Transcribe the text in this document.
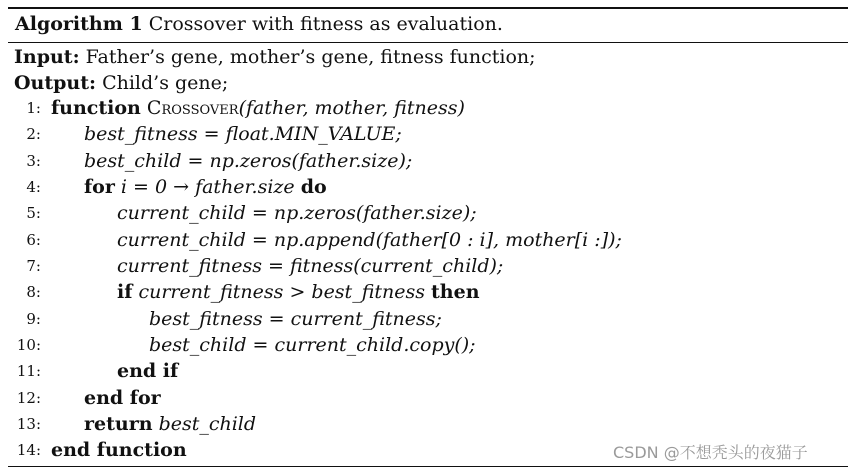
Algorithm 1 Crossover with fitness as evaluation.
Input: Father’s gene, mother’s gene, fitness function;
Output: Child’s gene;
1: function Crossover(father, mother, fitness)
2: best_fitness = float.MIN_VALUE;
3: best_child = np.zeros(father.size);
4: for i = 0 → father.size do
5:	current_child = np.zeros(father.size);
6:	current_child = np.append(father[0 : i], mother[i :]);
7:	current_fitness = fitness(current_child);
8:	if current_fitness > best_fitness then
9:	best_fitness = current_fitness;
10:	best_child = current_child.copy();
11:	end if
12: end for
13: return best_child
14: end function	CSDN @不想秃头的夜猫子
